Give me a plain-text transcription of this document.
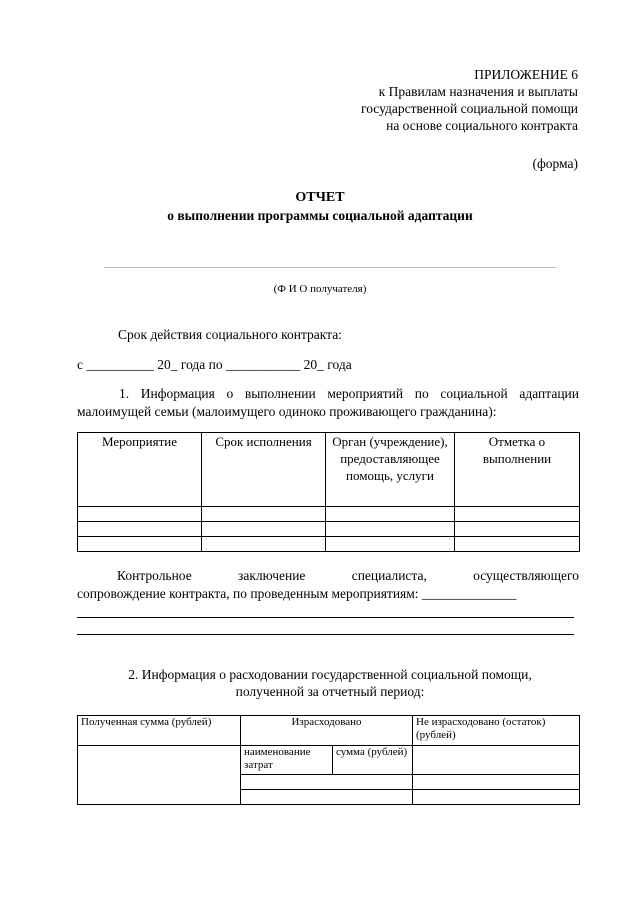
ПРИЛОЖЕНИЕ 6
к Правилам назначения и выплаты
государственной социальной помощи
на основе социального контракта
(форма)
ОТЧЕТ
о выполнении программы социальной адаптации
(Ф И О получателя)
Срок действия социального контракта:
с __________ 20_ года по ___________ 20_ года
1. Информация о выполнении мероприятий по социальной адаптации
малоимущей семьи (малоимущего одиноко проживающего гражданина):
Мероприятие	Срок исполнения	Орган (учреждение), предоставляющее помощь, услуги	Отметка о выполнении

Контрольное	заключение	специалиста,	осуществляющего
сопровождение контракта, по проведенным мероприятиям: ______________
2. Информация о расходовании государственной социальной помощи,
полученной за отчетный период:
Полученная сумма (рублей)	Израсходовано		Не израсходовано (остаток) (рублей)
	наименование затрат	сумма (рублей)	
